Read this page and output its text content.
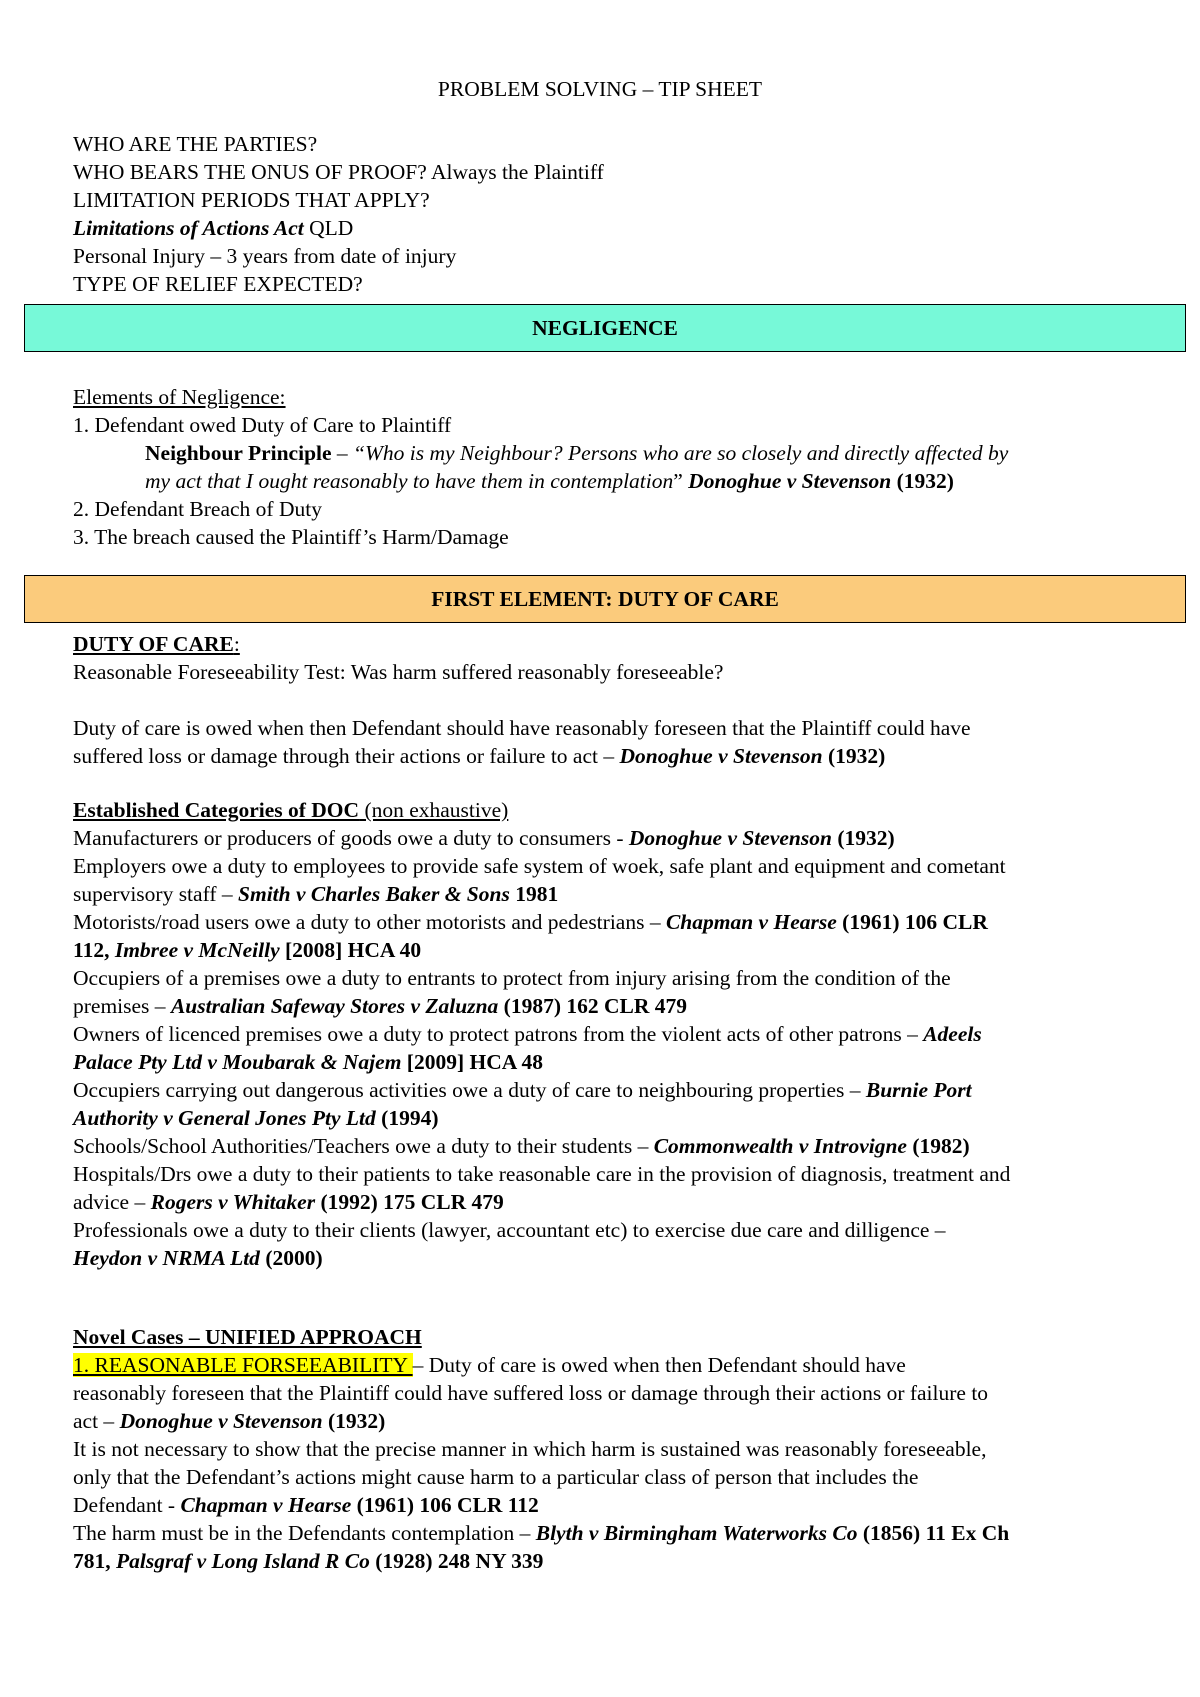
PROBLEM SOLVING – TIP SHEET
WHO ARE THE PARTIES?
WHO BEARS THE ONUS OF PROOF? Always the Plaintiff
LIMITATION PERIODS THAT APPLY?
Limitations of Actions Act QLD
Personal Injury – 3 years from date of injury
TYPE OF RELIEF EXPECTED?
NEGLIGENCE
Elements of Negligence:
1. Defendant owed Duty of Care to Plaintiff
Neighbour Principle – “Who is my Neighbour? Persons who are so closely and directly affected by
my act that I ought reasonably to have them in contemplation” Donoghue v Stevenson (1932)
2. Defendant Breach of Duty
3. The breach caused the Plaintiff’s Harm/Damage
FIRST ELEMENT: DUTY OF CARE
DUTY OF CARE:
Reasonable Foreseeability Test: Was harm suffered reasonably foreseeable?
Duty of care is owed when then Defendant should have reasonably foreseen that the Plaintiff could have
suffered loss or damage through their actions or failure to act – Donoghue v Stevenson (1932)
Established Categories of DOC (non exhaustive)
Manufacturers or producers of goods owe a duty to consumers - Donoghue v Stevenson (1932)
Employers owe a duty to employees to provide safe system of woek, safe plant and equipment and cometant
supervisory staff – Smith v Charles Baker & Sons 1981
Motorists/road users owe a duty to other motorists and pedestrians – Chapman v Hearse (1961) 106 CLR
112, Imbree v McNeilly [2008] HCA 40
Occupiers of a premises owe a duty to entrants to protect from injury arising from the condition of the
premises – Australian Safeway Stores v Zaluzna (1987) 162 CLR 479
Owners of licenced premises owe a duty to protect patrons from the violent acts of other patrons – Adeels
Palace Pty Ltd v Moubarak & Najem [2009] HCA 48
Occupiers carrying out dangerous activities owe a duty of care to neighbouring properties – Burnie Port
Authority v General Jones Pty Ltd (1994)
Schools/School Authorities/Teachers owe a duty to their students – Commonwealth v Introvigne (1982)
Hospitals/Drs owe a duty to their patients to take reasonable care in the provision of diagnosis, treatment and
advice – Rogers v Whitaker (1992) 175 CLR 479
Professionals owe a duty to their clients (lawyer, accountant etc) to exercise due care and dilligence –
Heydon v NRMA Ltd (2000)
Novel Cases – UNIFIED APPROACH
1. REASONABLE FORSEEABILITY – Duty of care is owed when then Defendant should have
reasonably foreseen that the Plaintiff could have suffered loss or damage through their actions or failure to
act – Donoghue v Stevenson (1932)
It is not necessary to show that the precise manner in which harm is sustained was reasonably foreseeable,
only that the Defendant’s actions might cause harm to a particular class of person that includes the
Defendant - Chapman v Hearse (1961) 106 CLR 112
The harm must be in the Defendants contemplation – Blyth v Birmingham Waterworks Co (1856) 11 Ex Ch
781, Palsgraf v Long Island R Co (1928) 248 NY 339
